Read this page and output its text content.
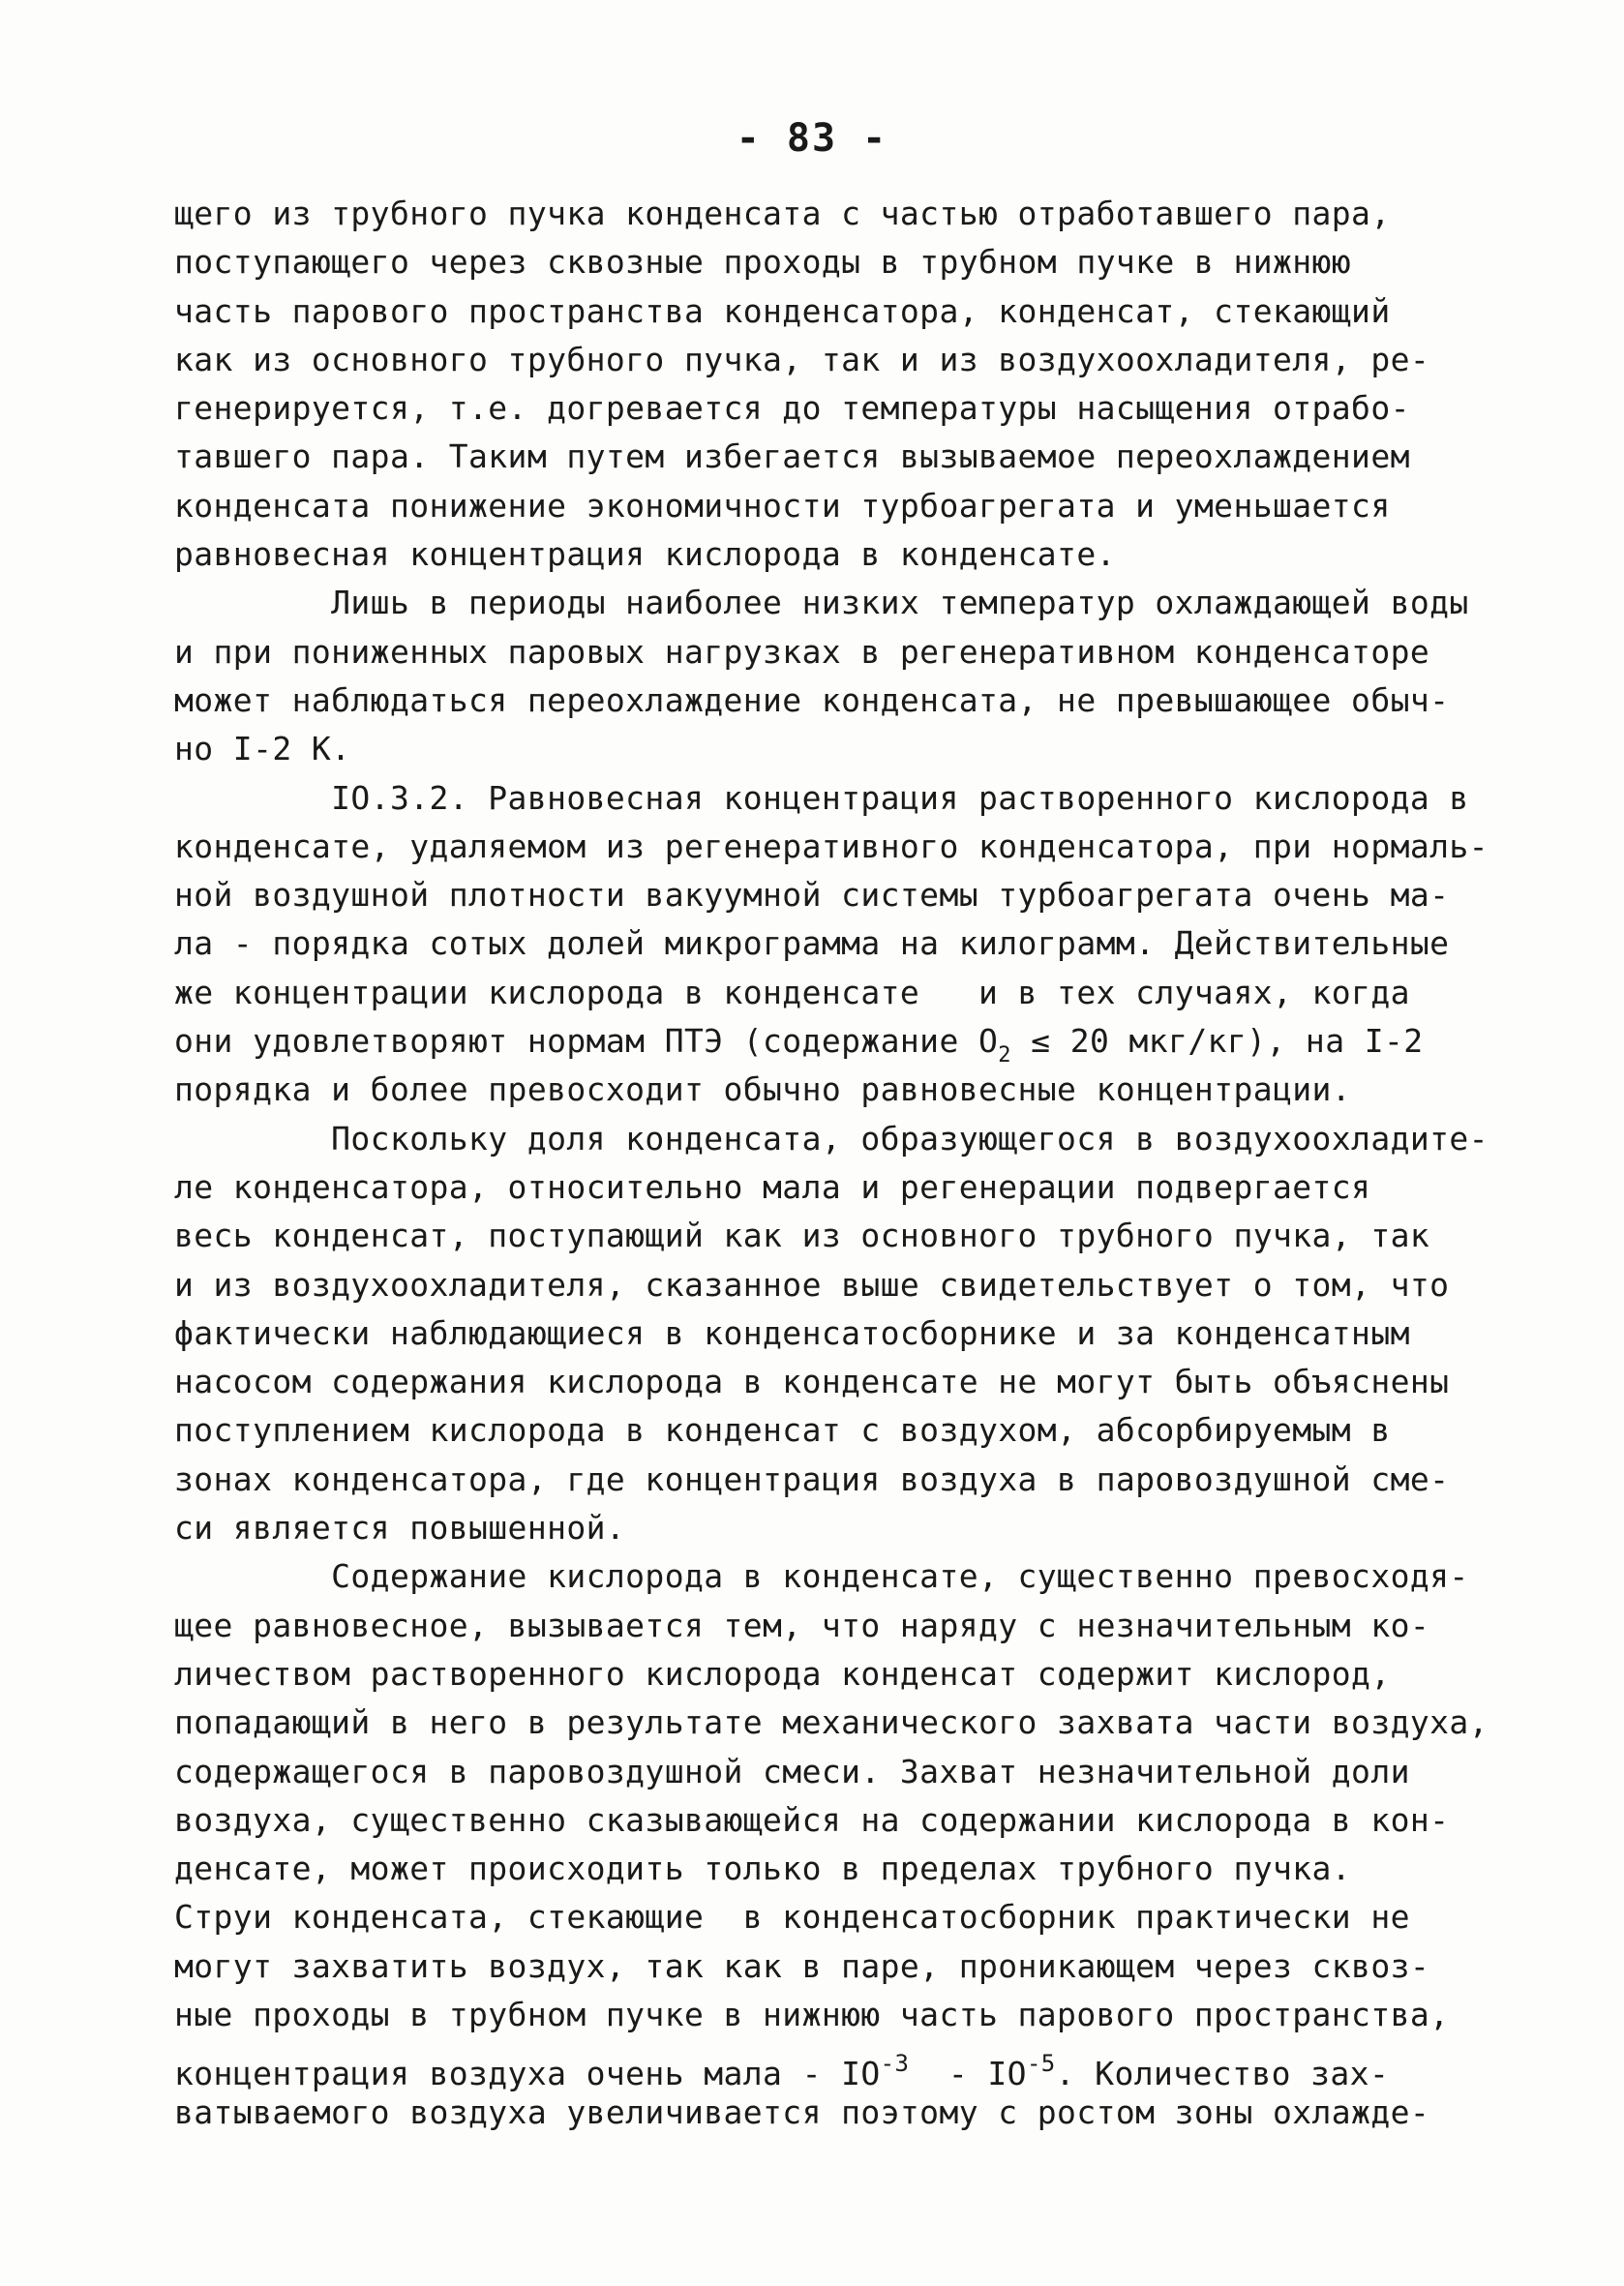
- 83 -
щего из трубного пучка конденсата с частью отработавшего пара,
поступающего через сквозные проходы в трубном пучке в нижнюю
часть парового пространства конденсатора, конденсат, стекающий
как из основного трубного пучка, так и из воздухоохладителя, ре-
генерируется, т.е. догревается до температуры насыщения отрабо-
тавшего пара. Таким путем избегается вызываемое переохлаждением
конденсата понижение экономичности турбоагрегата и уменьшается
равновесная концентрация кислорода в конденсате.
Лишь в периоды наиболее низких температур охлаждающей воды
и при пониженных паровых нагрузках в регенеративном конденсаторе
может наблюдаться переохлаждение конденсата, не превышающее обыч-
но I-2 К.
IO.3.2. Равновесная концентрация растворенного кислорода в
конденсате, удаляемом из регенеративного конденсатора, при нормаль-
ной воздушной плотности вакуумной системы турбоагрегата очень ма-
ла - порядка сотых долей микрограмма на килограмм. Действительные
же концентрации кислорода в конденсате   и в тех случаях, когда
они удовлетворяют нормам ПТЭ (содержание $O_2 \le 20$ мкг/кг), на I-2
порядка и более превосходит обычно равновесные концентрации.
Поскольку доля конденсата, образующегося в воздухоохладите-
ле конденсатора, относительно мала и регенерации подвергается
весь конденсат, поступающий как из основного трубного пучка, так
и из воздухоохладителя, сказанное выше свидетельствует о том, что
фактически наблюдающиеся в конденсатосборнике и за конденсатным
насосом содержания кислорода в конденсате не могут быть объяснены
поступлением кислорода в конденсат с воздухом, абсорбируемым в
зонах конденсатора, где концентрация воздуха в паровоздушной сме-
си является повышенной.
Содержание кислорода в конденсате, существенно превосходя-
щее равновесное, вызывается тем, что наряду с незначительным ко-
личеством растворенного кислорода конденсат содержит кислород,
попадающий в него в результате механического захвата части воздуха,
содержащегося в паровоздушной смеси. Захват незначительной доли
воздуха, существенно сказывающейся на содержании кислорода в кон-
денсате, может происходить только в пределах трубного пучка.
Струи конденсата, стекающие  в конденсатосборник практически не
могут захватить воздух, так как в паре, проникающем через сквоз-
ные проходы в трубном пучке в нижнюю часть парового пространства,
концентрация воздуха очень мала - $IO^{-3} - IO^{-5}$. Количество зах-
ватываемого воздуха увеличивается поэтому с ростом зоны охлажде-
